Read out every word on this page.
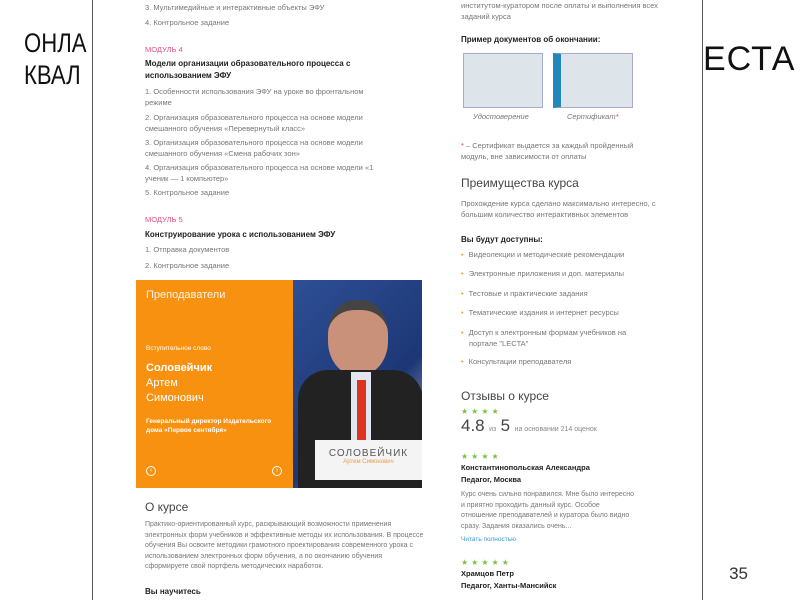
ОНЛА
КВАЛ	ЕСТА
35
3. Мультимедийные и интерактивные объекты ЭФУ
4. Контрольное задание
МОДУЛЬ 4
Модели организации образовательного процесса с использованием ЭФУ
1. Особенности использования ЭФУ на уроке во фронтальном режиме
2. Организация образовательного процесса на основе модели смешанного обучения «Перевернутый класс»
3. Организация образовательного процесса на основе модели смешанного обучения «Смена рабочих зон»
4. Организация образовательного процесса на основе модели «1 ученик — 1 компьютер»
5. Контрольное задание
МОДУЛЬ 5
Конструирование урока с использованием ЭФУ
1. Отправка документов
2. Контрольное задание
Преподаватели
Вступительное слово
Соловейчик
Артем
Симонович
Генеральный директор Издательского дома «Первое сентября»
‹	›
СОЛОВЕЙЧИК
Артем Симонович
О курсе
Практико-ориентированный курс, раскрывающий возможности применения электронных форм учебников и эффективные методы их использования. В процессе обучения Вы освоите методики грамотного проектирования современного урока с использованием электронных форм обучения, а по окончанию обучения сформируете свой портфель методических наработок.
Вы научитесь
институтом-куратором после оплаты и выполнения всех заданий курса
Пример документов об окончании:
Удостоверение	Сертификат*
* – Сертификат выдается за каждый пройденный модуль, вне зависимости от оплаты
Преимущества курса
Прохождение курса сделано максимально интересно, с большим количество интерактивных элементов
Вы будут доступны:
• Видеолекции и методические рекомендации
• Электронные приложения и доп. материалы
• Тестовые и практические задания
• Тематические издания и интернет ресурсы
• Доступ к электронным формам учебников на портале "LECTA"
• Консультации преподавателя
Отзывы о курсе
★★★★
4.8 из 5 на основании 214 оценок
★★★★
Константинопольская Александра
Педагог, Москва
Курс очень сильно понравился. Мне было интересно и приятно проходить данный курс. Особое отношение преподавателей и куратора было видно сразу. Задания оказались очень...
Читать полностью
★★★★★
Храмцов Петр
Педагог, Ханты-Мансийск
